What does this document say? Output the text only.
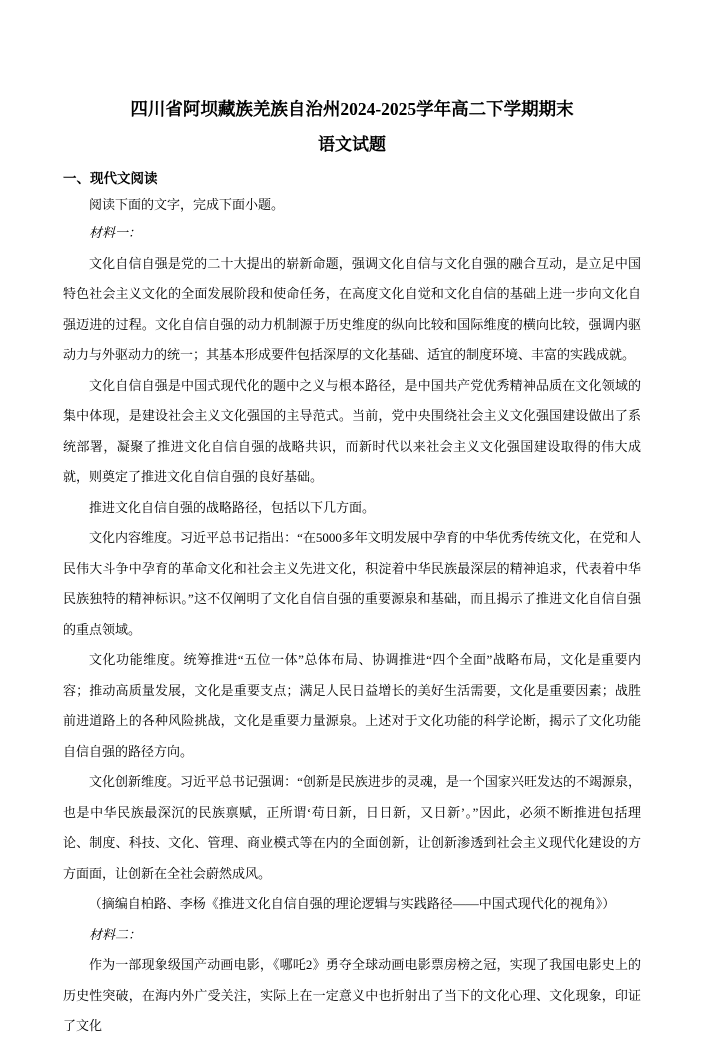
四川省阿坝藏族羌族自治州2024-2025学年高二下学期期末
语文试题
一、现代文阅读

阅读下面的文字，完成下面小题。

材料一：

文化自信自强是党的二十大提出的崭新命题，强调文化自信与文化自强的融合互动，是立足中国特色社会主义文化的全面发展阶段和使命任务，在高度文化自觉和文化自信的基础上进一步向文化自强迈进的过程。文化自信自强的动力机制源于历史维度的纵向比较和国际维度的横向比较，强调内驱动力与外驱动力的统一；其基本形成要件包括深厚的文化基础、适宜的制度环境、丰富的实践成就。

文化自信自强是中国式现代化的题中之义与根本路径，是中国共产党优秀精神品质在文化领域的集中体现，是建设社会主义文化强国的主导范式。当前，党中央围绕社会主义文化强国建设做出了系统部署，凝聚了推进文化自信自强的战略共识，而新时代以来社会主义文化强国建设取得的伟大成就，则奠定了推进文化自信自强的良好基础。

推进文化自信自强的战略路径，包括以下几方面。

文化内容维度。习近平总书记指出：“在5000多年文明发展中孕育的中华优秀传统文化，在党和人民伟大斗争中孕育的革命文化和社会主义先进文化，积淀着中华民族最深层的精神追求，代表着中华民族独特的精神标识。”这不仅阐明了文化自信自强的重要源泉和基础，而且揭示了推进文化自信自强的重点领域。

文化功能维度。统筹推进“五位一体”总体布局、协调推进“四个全面”战略布局，文化是重要内容；推动高质量发展，文化是重要支点；满足人民日益增长的美好生活需要，文化是重要因素；战胜前进道路上的各种风险挑战，文化是重要力量源泉。上述对于文化功能的科学论断，揭示了文化功能自信自强的路径方向。

文化创新维度。习近平总书记强调：“创新是民族进步的灵魂，是一个国家兴旺发达的不竭源泉，也是中华民族最深沉的民族禀赋，正所谓‘苟日新，日日新，又日新’。”因此，必须不断推进包括理论、制度、科技、文化、管理、商业模式等在内的全面创新，让创新渗透到社会主义现代化建设的方方面面，让创新在全社会蔚然成风。

（摘编自柏路、李杨《推进文化自信自强的理论逻辑与实践路径——中国式现代化的视角》）

材料二：

作为一部现象级国产动画电影，《哪吒2》勇夺全球动画电影票房榜之冠，实现了我国电影史上的历史性突破，在海内外广受关注，实际上在一定意义中也折射出了当下的文化心理、文化现象，印证了文化
